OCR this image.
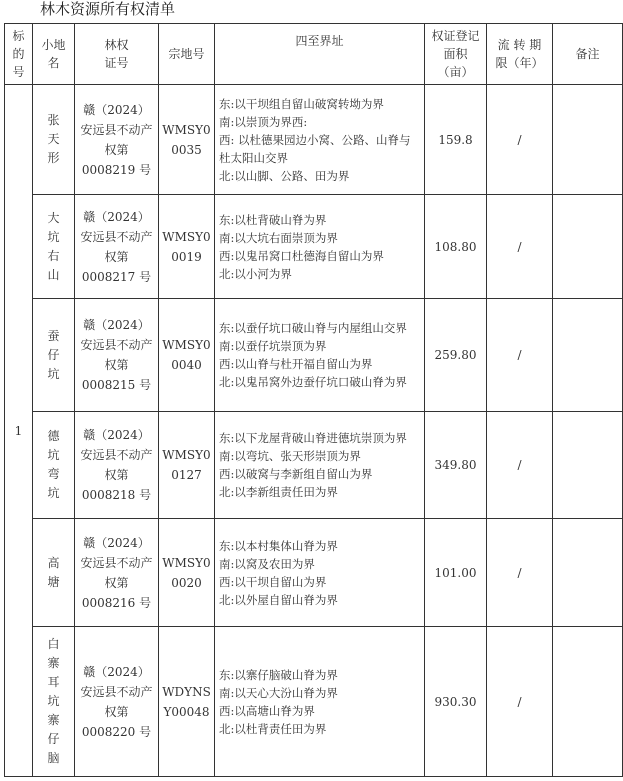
林木资源所有权清单
标的号	小地名	林权证号	宗地号	四至界址	权证登记面积（亩）	流 转 期限（年）	备注
1	张天形	赣（2024）安远县不动产权第0008219 号	WMSY00035	东:以干坝组自留山破窝转坳为界
南:以崇顶为界西:
西: 以杜德果园边小窝、公路、山脊与杜太阳山交界
北:以山脚、公路、田为界	159.8	/	

	大坑右山	赣（2024）安远县不动产权第0008217 号	WMSY00019	东:以杜背破山脊为界
南:以大坑右面崇顶为界
西:以鬼吊窝口杜德海自留山为界
北:以小河为界	108.80	/	

	蚕仔坑	赣（2024）安远县不动产权第0008215 号	WMSY00040	东:以蚕仔坑口破山脊与内屋组山交界
南:以蚕仔坑崇顶为界
西:以山脊与杜开福自留山为界
北:以鬼吊窝外边蚕仔坑口破山脊为界	259.80	/	

	德坑弯坑	赣（2024）安远县不动产权第0008218 号	WMSY00127	东:以下龙屋背破山脊进德坑崇顶为界
南:以弯坑、张天形崇顶为界
西:以破窝与李新组自留山为界
北:以李新组责任田为界	349.80	/	

	高塘	赣（2024）安远县不动产权第0008216 号	WMSY00020	东:以本村集体山脊为界
南:以窝及农田为界
西:以干坝自留山为界
北:以外屋自留山脊为界	101.00	/	

	白寨耳坑寨仔脑	赣（2024）安远县不动产权第0008220 号	WDYNSY00048	东:以寨仔脑破山脊为界
南:以天心大汾山脊为界
西:以高塘山脊为界
北:以杜背责任田为界	930.30	/	
